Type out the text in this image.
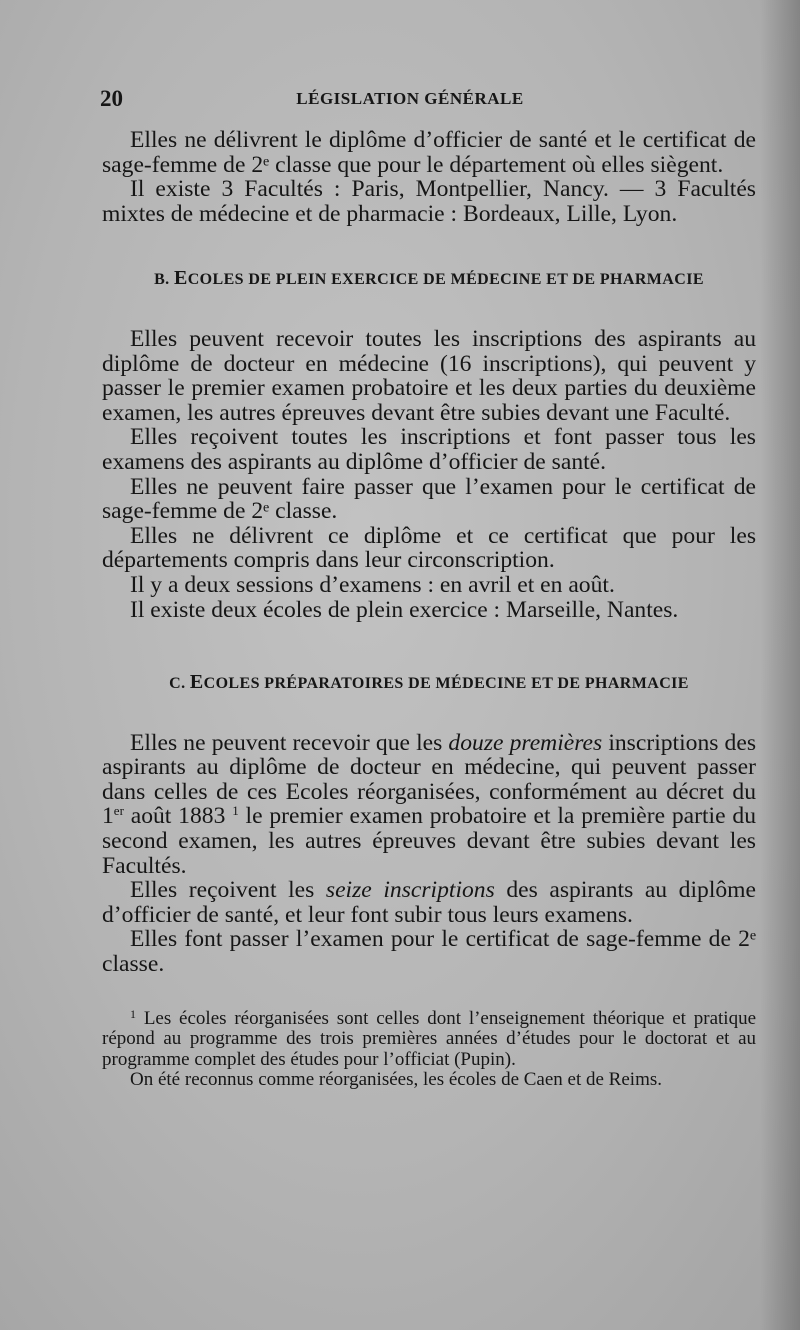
20	LÉGISLATION GÉNÉRALE

Elles ne délivrent le diplôme d’officier de santé et le certificat de sage-femme de 2ᵉ classe que pour le département où elles siègent.

Il existe 3 Facultés : Paris, Montpellier, Nancy. — 3 Facultés mixtes de médecine et de pharmacie : Bordeaux, Lille, Lyon.

B. ECOLES DE PLEIN EXERCICE DE MÉDECINE ET DE PHARMACIE

Elles peuvent recevoir toutes les inscriptions des aspirants au diplôme de docteur en médecine (16 inscriptions), qui peuvent y passer le premier examen probatoire et les deux parties du deuxième examen, les autres épreuves devant être subies devant une Faculté.

Elles reçoivent toutes les inscriptions et font passer tous les examens des aspirants au diplôme d’officier de santé.

Elles ne peuvent faire passer que l’examen pour le certificat de sage-femme de 2ᵉ classe.

Elles ne délivrent ce diplôme et ce certificat que pour les départements compris dans leur circonscription.

Il y a deux sessions d’examens : en avril et en août.

Il existe deux écoles de plein exercice : Marseille, Nantes.

C. ECOLES PRÉPARATOIRES DE MÉDECINE ET DE PHARMACIE

Elles ne peuvent recevoir que les douze premières inscriptions des aspirants au diplôme de docteur en médecine, qui peuvent passer dans celles de ces Ecoles réorganisées, conformément au décret du 1er août 1883 $^1$ le premier examen probatoire et la première partie du second examen, les autres épreuves devant être subies devant les Facultés.

Elles reçoivent les seize inscriptions des aspirants au diplôme d’officier de santé, et leur font subir tous leurs examens.

Elles font passer l’examen pour le certificat de sage-femme de 2ᵉ classe.

$^1$ Les écoles réorganisées sont celles dont l’enseignement théorique et pratique répond au programme des trois premières années d’études pour le doctorat et au programme complet des études pour l’officiat (Pupin).

On été reconnus comme réorganisées, les écoles de Caen et de Reims.
